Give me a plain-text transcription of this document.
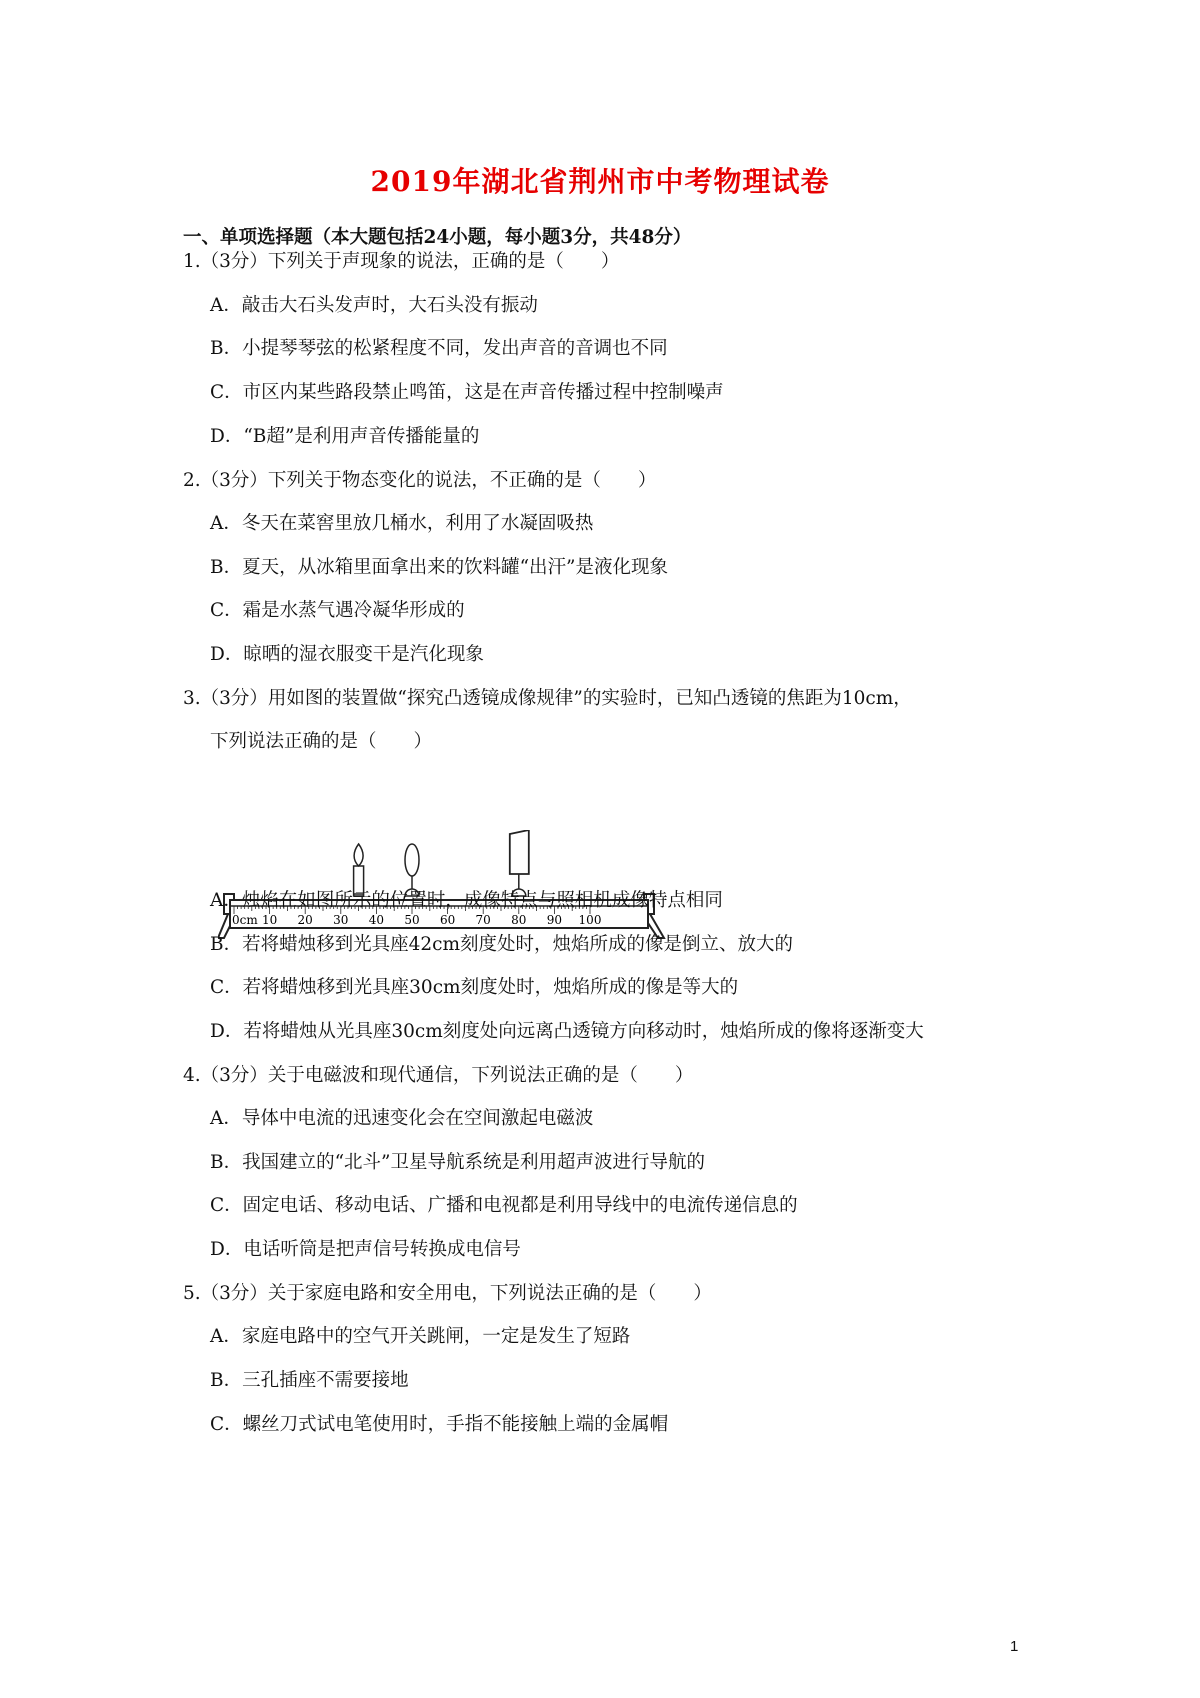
2019年湖北省荆州市中考物理试卷
一、单项选择题（本大题包括24小题，每小题3分，共48分）
1.（3分）下列关于声现象的说法，正确的是（　　）
A．敲击大石头发声时，大石头没有振动
B．小提琴琴弦的松紧程度不同，发出声音的音调也不同
C．市区内某些路段禁止鸣笛，这是在声音传播过程中控制噪声
D．“B超”是利用声音传播能量的
2.（3分）下列关于物态变化的说法，不正确的是（　　）
A．冬天在菜窖里放几桶水，利用了水凝固吸热
B．夏天，从冰箱里面拿出来的饮料罐“出汗”是液化现象
C．霜是水蒸气遇冷凝华形成的
D．晾晒的湿衣服变干是汽化现象
3.（3分）用如图的装置做“探究凸透镜成像规律”的实验时，已知凸透镜的焦距为10cm，
下列说法正确的是（　　）
0cm 10 20 30 40 50 60 70 80 90 100
A．烛焰在如图所示的位置时，成像特点与照相机成像特点相同
B．若将蜡烛移到光具座42cm刻度处时，烛焰所成的像是倒立、放大的
C．若将蜡烛移到光具座30cm刻度处时，烛焰所成的像是等大的
D．若将蜡烛从光具座30cm刻度处向远离凸透镜方向移动时，烛焰所成的像将逐渐变大
4.（3分）关于电磁波和现代通信，下列说法正确的是（　　）
A．导体中电流的迅速变化会在空间激起电磁波
B．我国建立的“北斗”卫星导航系统是利用超声波进行导航的
C．固定电话、移动电话、广播和电视都是利用导线中的电流传递信息的
D．电话听筒是把声信号转换成电信号
5.（3分）关于家庭电路和安全用电，下列说法正确的是（　　）
A．家庭电路中的空气开关跳闸，一定是发生了短路
B．三孔插座不需要接地
C．螺丝刀式试电笔使用时，手指不能接触上端的金属帽
1
